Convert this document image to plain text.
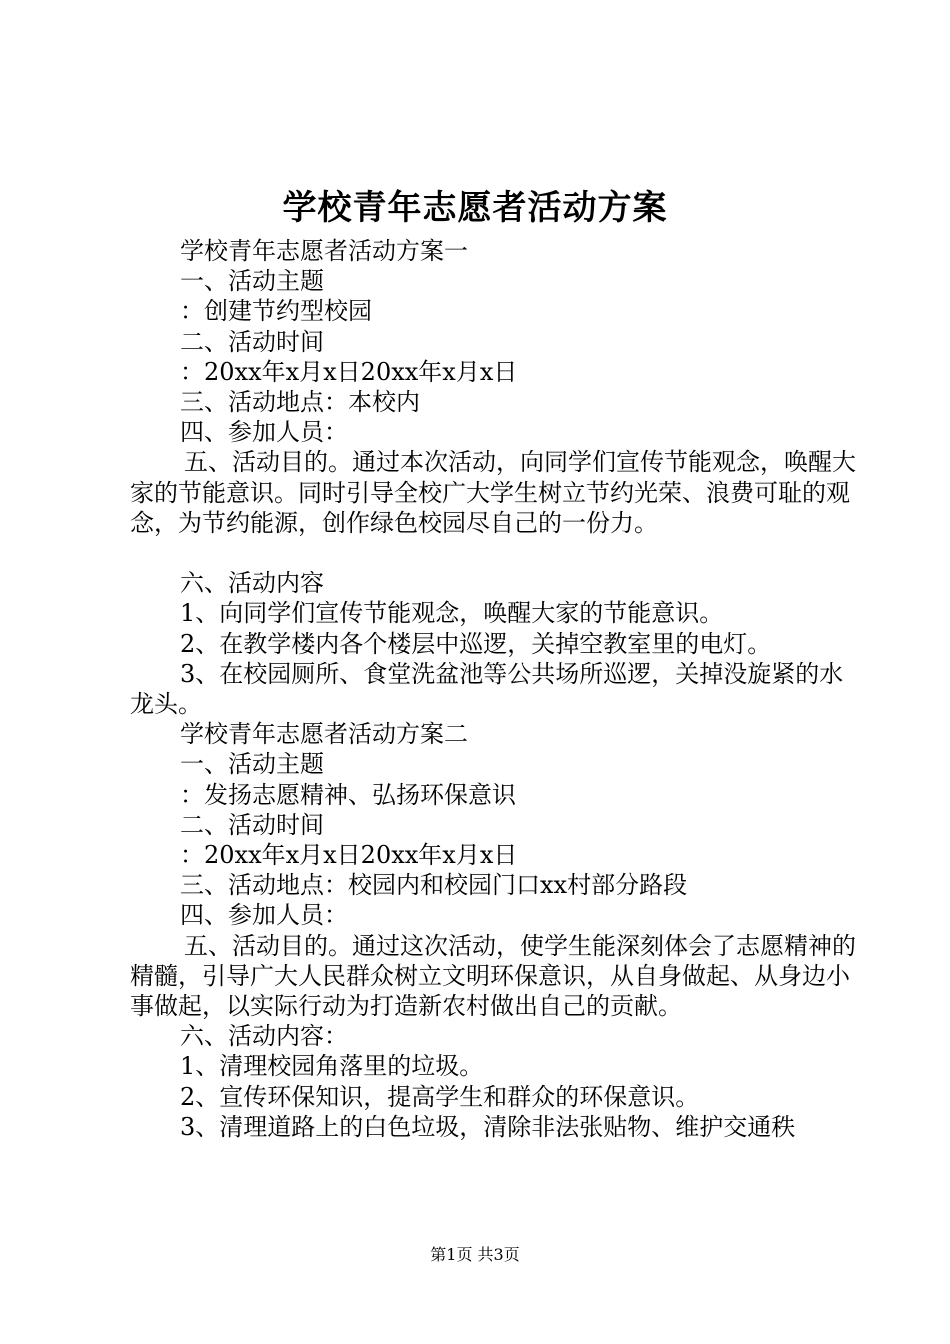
学校青年志愿者活动方案

学校青年志愿者活动方案一

一、活动主题

：创建节约型校园

二、活动时间

：20xx年x月x日20xx年x月x日

三、活动地点：本校内

四、参加人员：

五、活动目的。通过本次活动，向同学们宣传节能观念，唤醒大家的节能意识。同时引导全校广大学生树立节约光荣、浪费可耻的观念，为节约能源，创作绿色校园尽自己的一份力。

六、活动内容

1、向同学们宣传节能观念，唤醒大家的节能意识。

2、在教学楼内各个楼层中巡逻，关掉空教室里的电灯。

3、在校园厕所、食堂洗盆池等公共场所巡逻，关掉没旋紧的水龙头。

学校青年志愿者活动方案二

一、活动主题

：发扬志愿精神、弘扬环保意识

二、活动时间

：20xx年x月x日20xx年x月x日

三、活动地点：校园内和校园门口xx村部分路段

四、参加人员：

五、活动目的。通过这次活动，使学生能深刻体会了志愿精神的精髓，引导广大人民群众树立文明环保意识，从自身做起、从身边小事做起，以实际行动为打造新农村做出自己的贡献。

六、活动内容：

1、清理校园角落里的垃圾。

2、宣传环保知识，提高学生和群众的环保意识。

3、清理道路上的白色垃圾，清除非法张贴物、维护交通秩

第1页 共3页
